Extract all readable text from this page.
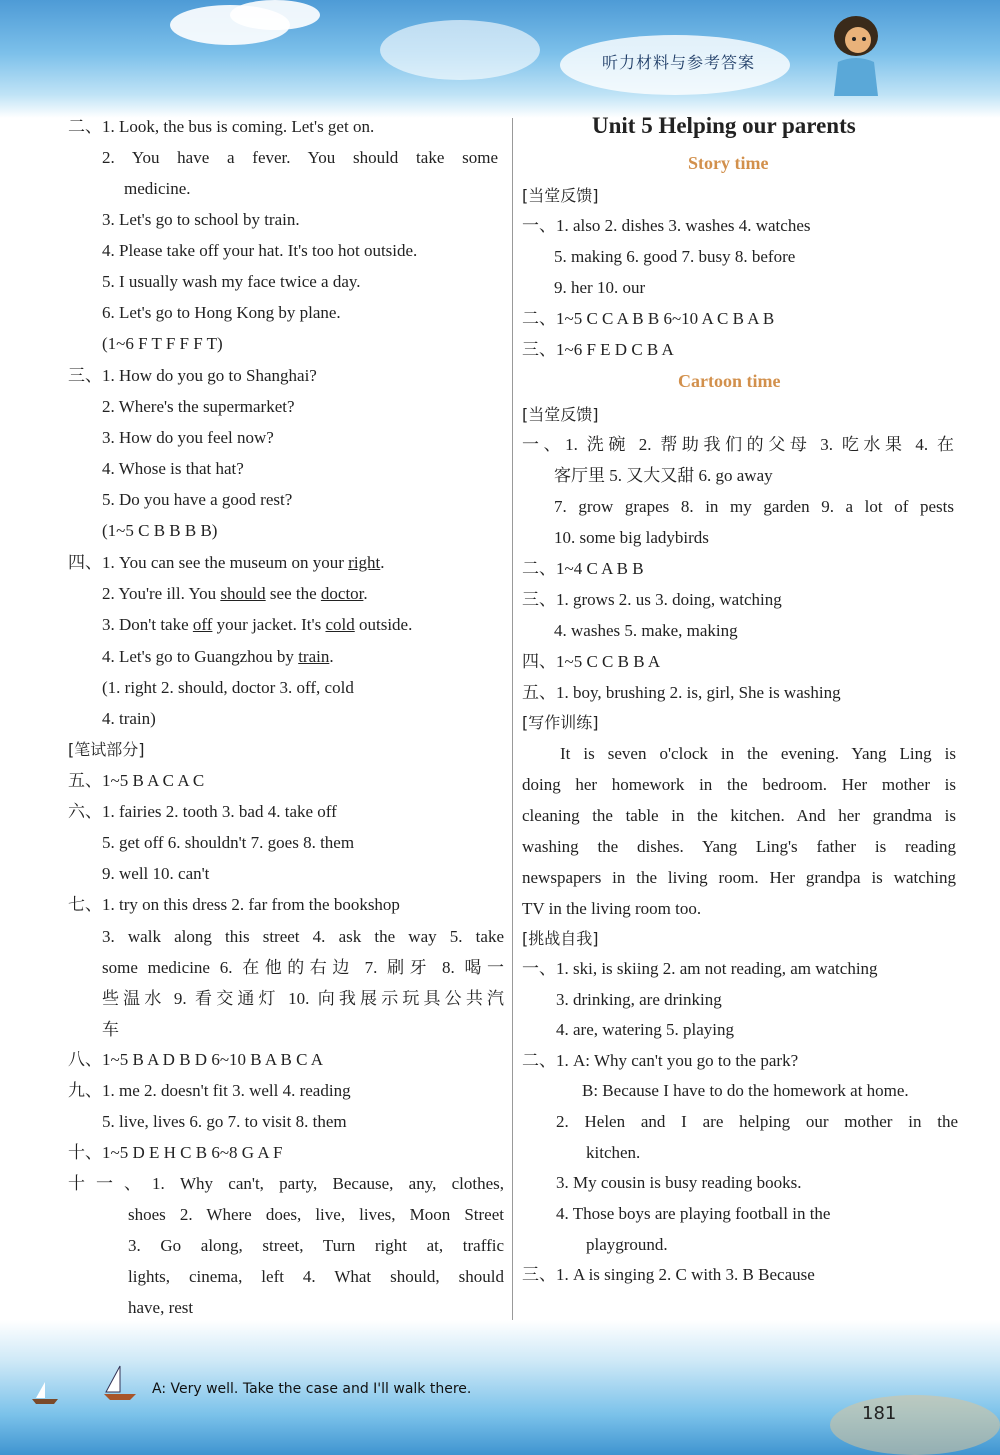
听力材料与参考答案
二、1. Look, the bus is coming. Let's get on.
2. You have a fever. You should take some
medicine.
3. Let's go to school by train.
4. Please take off your hat. It's too hot outside.
5. I usually wash my face twice a day.
6. Let's go to Hong Kong by plane.
(1~6 F T F F F T)
三、1. How do you go to Shanghai?
2. Where's the supermarket?
3. How do you feel now?
4. Whose is that hat?
5. Do you have a good rest?
(1~5 C B B B B)
四、1. You can see the museum on your right.
2. You're ill. You should see the doctor.
3. Don't take off your jacket. It's cold outside.
4. Let's go to Guangzhou by train.
(1. right 2. should, doctor 3. off, cold
4. train)
[笔试部分]
五、1~5 B A C A C
六、1. fairies 2. tooth 3. bad 4. take off
5. get off 6. shouldn't 7. goes 8. them
9. well 10. can't
七、1. try on this dress 2. far from the bookshop
3. walk along this street 4. ask the way 5. take
some medicine 6. 在他的右边 7. 刷牙 8. 喝一
些温水 9. 看交通灯 10. 向我展示玩具公共汽
车
八、1~5 B A D B D 6~10 B A B C A
九、1. me 2. doesn't fit 3. well 4. reading
5. live, lives 6. go 7. to visit 8. them
十、1~5 D E H C B 6~8 G A F
十一、1. Why can't, party, Because, any, clothes,
shoes 2. Where does, live, lives, Moon Street
3. Go along, street, Turn right at, traffic
lights, cinema, left 4. What should, should
have, rest
Unit 5 Helping our parents
Story time
Cartoon time
[当堂反馈]
一、1. also 2. dishes 3. washes 4. watches
5. making 6. good 7. busy 8. before
9. her 10. our
二、1~5 C C A B B 6~10 A C B A B
三、1~6 F E D C B A
[当堂反馈]
一、1. 洗碗 2. 帮助我们的父母 3. 吃水果 4. 在
客厅里 5. 又大又甜 6. go away
7. grow grapes 8. in my garden 9. a lot of pests
10. some big ladybirds
二、1~4 C A B B
三、1. grows 2. us 3. doing, watching
4. washes 5. make, making
四、1~5 C C B B A
五、1. boy, brushing 2. is, girl, She is washing
[写作训练]
It is seven o'clock in the evening. Yang Ling is
doing her homework in the bedroom. Her mother is
cleaning the table in the kitchen. And her grandma is
washing the dishes. Yang Ling's father is reading
newspapers in the living room. Her grandpa is watching
TV in the living room too.
[挑战自我]
一、1. ski, is skiing 2. am not reading, am watching
3. drinking, are drinking
4. are, watering 5. playing
二、1. A: Why can't you go to the park?
B: Because I have to do the homework at home.
2. Helen and I are helping our mother in the
kitchen.
3. My cousin is busy reading books.
4. Those boys are playing football in the
playground.
三、1. A is singing 2. C with 3. B Because
A: Very well. Take the case and I'll walk there.
181
